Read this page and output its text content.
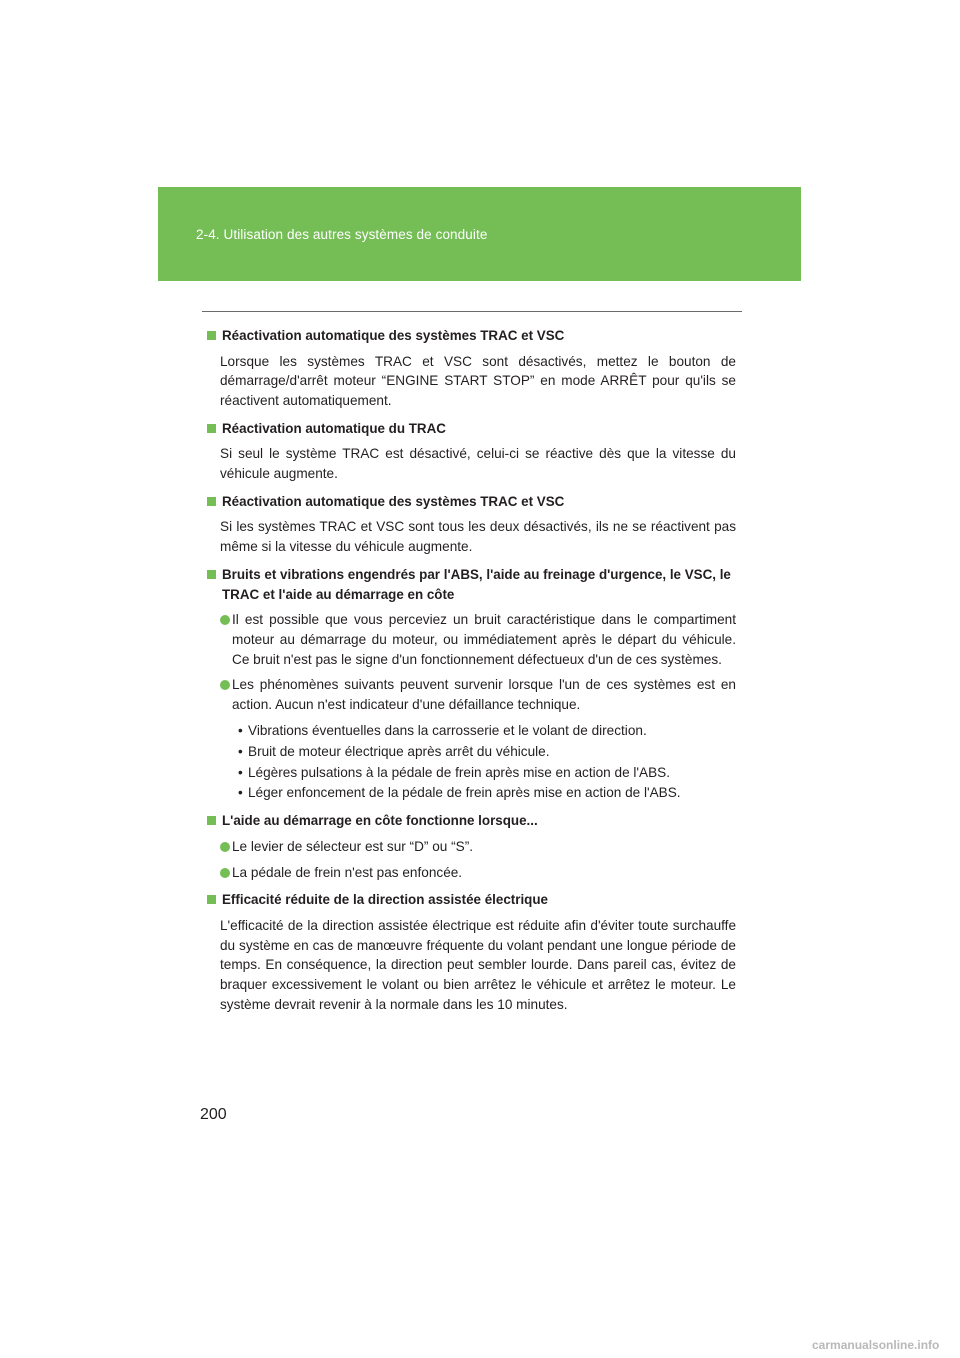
2-4. Utilisation des autres systèmes de conduite
Réactivation automatique des systèmes TRAC et VSC
Lorsque les systèmes TRAC et VSC sont désactivés, mettez le bouton de démarrage/d'arrêt moteur “ENGINE START STOP” en mode ARRÊT pour qu'ils se réactivent automatiquement.
Réactivation automatique du TRAC
Si seul le système TRAC est désactivé, celui-ci se réactive dès que la vitesse du véhicule augmente.
Réactivation automatique des systèmes TRAC et VSC
Si les systèmes TRAC et VSC sont tous les deux désactivés, ils ne se réactivent pas même si la vitesse du véhicule augmente.
Bruits et vibrations engendrés par l'ABS, l'aide au freinage d'urgence, le VSC, le TRAC et l'aide au démarrage en côte
Il est possible que vous perceviez un bruit caractéristique dans le compartiment moteur au démarrage du moteur, ou immédiatement après le départ du véhicule. Ce bruit n'est pas le signe d'un fonctionnement défectueux d'un de ces systèmes.
Les phénomènes suivants peuvent survenir lorsque l'un de ces systèmes est en action. Aucun n'est indicateur d'une défaillance technique.
• Vibrations éventuelles dans la carrosserie et le volant de direction.
• Bruit de moteur électrique après arrêt du véhicule.
• Légères pulsations à la pédale de frein après mise en action de l'ABS.
• Léger enfoncement de la pédale de frein après mise en action de l'ABS.
L'aide au démarrage en côte fonctionne lorsque...
Le levier de sélecteur est sur “D” ou “S”.
La pédale de frein n'est pas enfoncée.
Efficacité réduite de la direction assistée électrique
L'efficacité de la direction assistée électrique est réduite afin d'éviter toute surchauffe du système en cas de manœuvre fréquente du volant pendant une longue période de temps. En conséquence, la direction peut sembler lourde. Dans pareil cas, évitez de braquer excessivement le volant ou bien arrêtez le véhicule et arrêtez le moteur. Le système devrait revenir à la normale dans les 10 minutes.
200
carmanualsonline.info
